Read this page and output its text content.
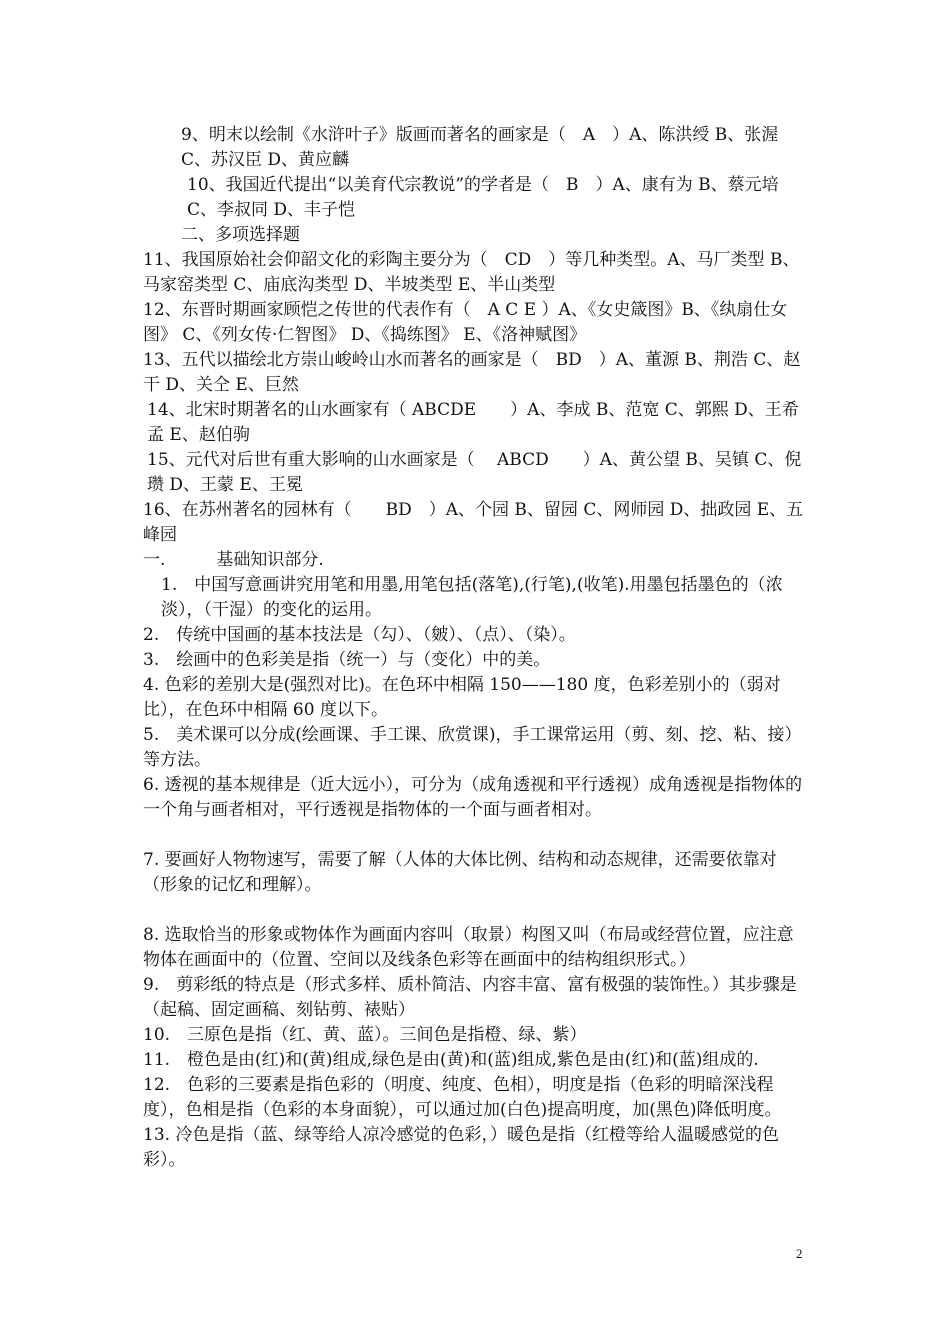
9、明末以绘制《水浒叶子》版画而著名的画家是（　A　）A、陈洪绶 B、张渥 C、苏汉臣 D、黄应麟

10、我国近代提出“以美育代宗教说”的学者是（　B　）A、康有为 B、蔡元培 C、李叔同 D、丰子恺

二、多项选择题

11、我国原始社会仰韶文化的彩陶主要分为（　CD　）等几种类型。A、马厂类型 B、马家窑类型 C、庙底沟类型 D、半坡类型 E、半山类型

12、东晋时期画家顾恺之传世的代表作有（　A C E ）A、《女史箴图》B、《纨扇仕女图》 C、《列女传·仁智图》 D、《捣练图》 E、《洛神赋图》

13、五代以描绘北方崇山峻岭山水而著名的画家是（　BD　）A、董源 B、荆浩 C、赵干 D、关仝 E、巨然

14、北宋时期著名的山水画家有（ ABCDE　　）A、李成 B、范宽 C、郭熙 D、王希孟 E、赵伯驹

15、元代对后世有重大影响的山水画家是（　 ABCD　　）A、黄公望 B、吴镇 C、倪瓒 D、王蒙 E、王冕

16、在苏州著名的园林有（　　BD　）A、个园 B、留园 C、网师园 D、拙政园 E、五峰园

一.　　　基础知识部分.

1.　中国写意画讲究用笔和用墨,用笔包括(落笔),(行笔),(收笔).用墨包括墨色的（浓淡），（干湿）的变化的运用。

2.　传统中国画的基本技法是（勾）、（皴）、（点）、（染）。

3.　绘画中的色彩美是指（统一）与（变化）中的美。

4. 色彩的差别大是(强烈对比)。在色环中相隔 150——180 度，色彩差别小的（弱对比），在色环中相隔 60 度以下。

5.　美术课可以分成(绘画课、手工课、欣赏课)，手工课常运用（剪、刻、挖、粘、接）等方法。

6. 透视的基本规律是（近大远小），可分为（成角透视和平行透视）成角透视是指物体的一个角与画者相对，平行透视是指物体的一个面与画者相对。

7. 要画好人物物速写，需要了解（人体的大体比例、结构和动态规律，还需要依靠对（形象的记忆和理解）。

8. 选取恰当的形象或物体作为画面内容叫（取景）构图又叫（布局或经营位置，应注意物体在画面中的（位置、空间以及线条色彩等在画面中的结构组织形式。）

9.　剪彩纸的特点是（形式多样、质朴简洁、内容丰富、富有极强的装饰性。）其步骤是（起稿、固定画稿、刻钻剪、裱贴）

10.　三原色是指（红、黄、蓝）。三间色是指橙、绿、紫）

11.　橙色是由(红)和(黄)组成,绿色是由(黄)和(蓝)组成,紫色是由(红)和(蓝)组成的.

12.　色彩的三要素是指色彩的（明度、纯度、色相），明度是指（色彩的明暗深浅程度），色相是指（色彩的本身面貌），可以通过加(白色)提高明度，加(黑色)降低明度。

13. 冷色是指（蓝、绿等给人凉冷感觉的色彩，）暖色是指（红橙等给人温暖感觉的色彩）。

2
